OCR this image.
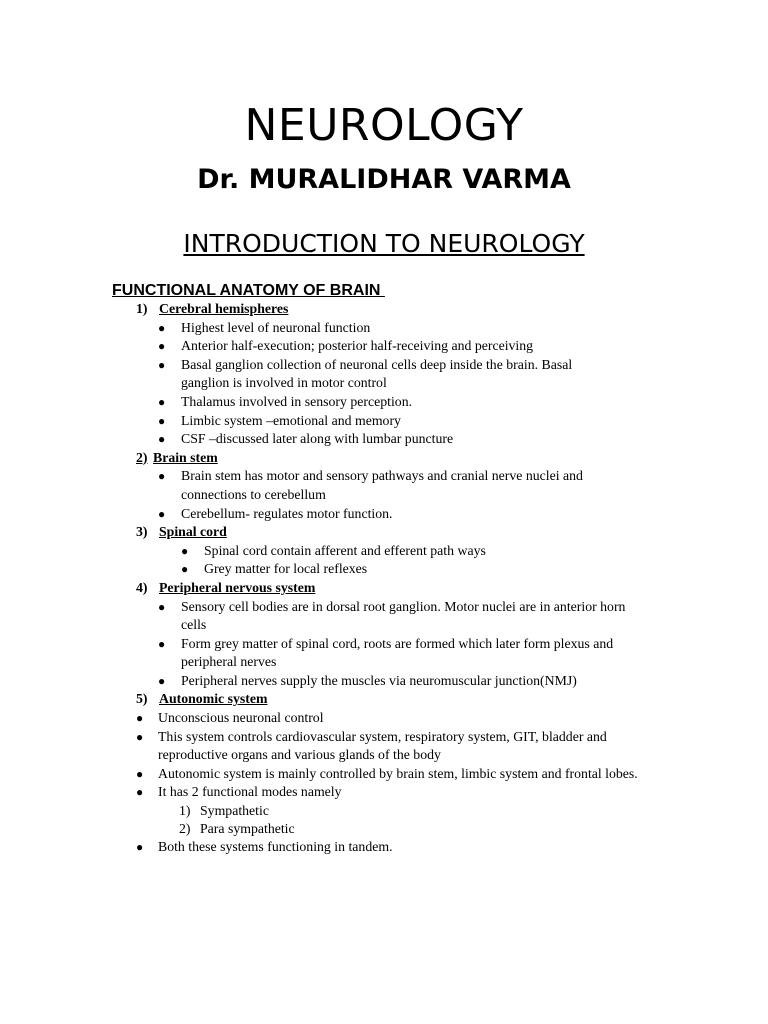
NEUROLOGY
Dr. MURALIDHAR VARMA
INTRODUCTION TO NEUROLOGY
FUNCTIONAL ANATOMY OF BRAIN
1) Cerebral hemispheres
● Highest level of neuronal function
● Anterior half-execution; posterior half-receiving and perceiving
● Basal ganglion collection of neuronal cells deep inside the brain. Basal ganglion is involved in motor control
● Thalamus involved in sensory perception.
● Limbic system –emotional and memory
● CSF –discussed later along with lumbar puncture
2) Brain stem
● Brain stem has motor and sensory pathways and cranial nerve nuclei and connections to cerebellum
● Cerebellum- regulates motor function.
3) Spinal cord
● Spinal cord contain afferent and efferent path ways
● Grey matter for local reflexes
4) Peripheral nervous system
● Sensory cell bodies are in dorsal root ganglion. Motor nuclei are in anterior horn cells
● Form grey matter of spinal cord, roots are formed which later form plexus and peripheral nerves
● Peripheral nerves supply the muscles via neuromuscular junction(NMJ)
5) Autonomic system
● Unconscious neuronal control
● This system controls cardiovascular system, respiratory system, GIT, bladder and reproductive organs and various glands of the body
● Autonomic system is mainly controlled by brain stem, limbic system and frontal lobes.
● It has 2 functional modes namely
1) Sympathetic
2) Para sympathetic
● Both these systems functioning in tandem.
